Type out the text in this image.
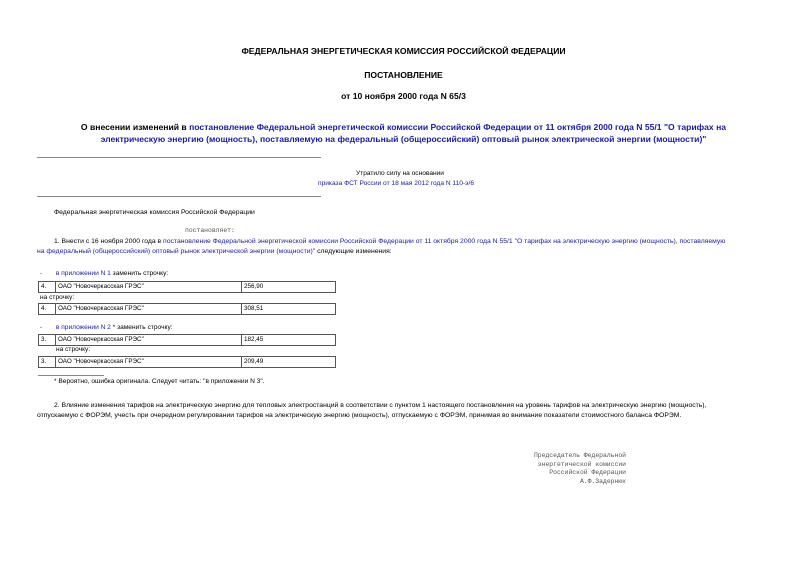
ФЕДЕРАЛЬНАЯ ЭНЕРГЕТИЧЕСКАЯ КОМИССИЯ РОССИЙСКОЙ ФЕДЕРАЦИИ
ПОСТАНОВЛЕНИЕ
от 10 ноября 2000 года N 65/3
О внесении изменений в постановление Федеральной энергетической комиссии Российской Федерации от 11 октября 2000 года N 55/1 "О тарифах на
электрическую энергию (мощность), поставляемую на федеральный (общероссийский) оптовый рынок электрической энергии (мощности)"
Утратило силу на основании
приказа ФСТ России от 18 мая 2012 года N 110-э/6
Федеральная энергетическая комиссия Российской Федерации
постановляет:
1. Внести с 16 ноября 2000 года в постановление Федеральной энергетической комиссии Российской Федерации от 11 октября 2000 года N 55/1 "О тарифах на электрическую энергию (мощность), поставляемую
на федеральный (общероссийский) оптовый рынок электрической энергии (мощности)" следующие изменения:
- в приложении N 1 заменить строчку:
4.	ОАО "Новочеркасская ГРЭС"	256,90
на строчку:
4.	ОАО "Новочеркасская ГРЭС"	308,51
- в приложении N 2 * заменить строчку:
3.	ОАО "Новочеркасская ГРЭС"	182,45
на строчку:
3.	ОАО "Новочеркасская ГРЭС"	209,49
* Вероятно, ошибка оригинала. Следует читать: "в приложении N 3".
2. Влияние изменения тарифов на электрическую энергию для тепловых электростанций в соответствии с пунктом 1 настоящего постановления на уровень тарифов на электрическую энергию (мощность),
отпускаемую с ФОРЭМ, учесть при очередном регулировании тарифов на электрическую энергию (мощность), отпускаемую с ФОРЭМ, принимая во внимание показатели стоимостного баланса ФОРЭМ.
Председатель Федеральной
энергетической комиссии
Российской Федерации
А.Ф.Задернюк
